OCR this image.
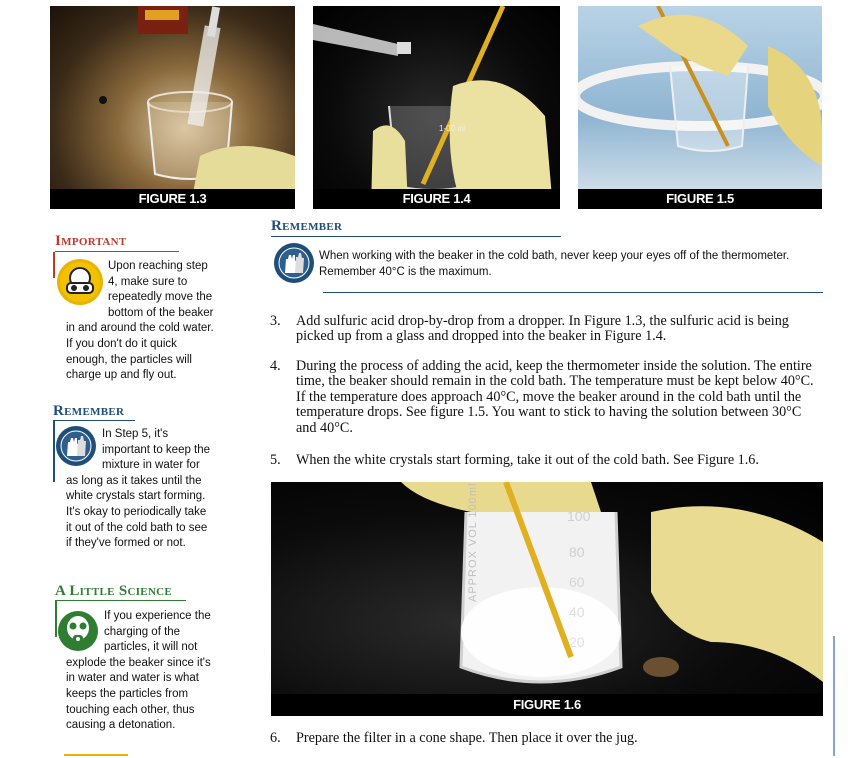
FIGURE 1.3
1-00 ml
FIGURE 1.4	FIGURE 1.5
Important
Upon reaching step 4, make sure to repeatedly move the bottom of the beaker in and around the cold water. If you don't do it quick enough, the particles will charge up and fly out.
Remember
In Step 5, it's important to keep the mixture in water for as long as it takes until the white crystals start forming. It's okay to periodically take it out of the cold bath to see if they've formed or not.
A Little Science
If you experience the charging of the particles, it will not explode the beaker since it's in water and water is what keeps the particles from touching each other, thus causing a detonation.
Remember
When working with the beaker in the cold bath, never keep your eyes off of the thermometer. Remember 40°C is the maximum.
3. Add sulfuric acid drop-by-drop from a dropper. In Figure 1.3, the sulfuric acid is being picked up from a glass and dropped into the beaker in Figure 1.4.
4. During the process of adding the acid, keep the thermometer inside the solution. The entire time, the beaker should remain in the cold bath. The temperature must be kept below 40°C. If the temperature does approach 40°C, move the beaker around in the cold bath until the temperature drops. See figure 1.5. You want to stick to having the solution between 30°C and 40°C.
5. When the white crystals start forming, take it out of the cold bath. See Figure 1.6.
APPROX VOL 100ml	100
80
60
40
20
FIGURE 1.6
6. Prepare the filter in a cone shape. Then place it over the jug.
